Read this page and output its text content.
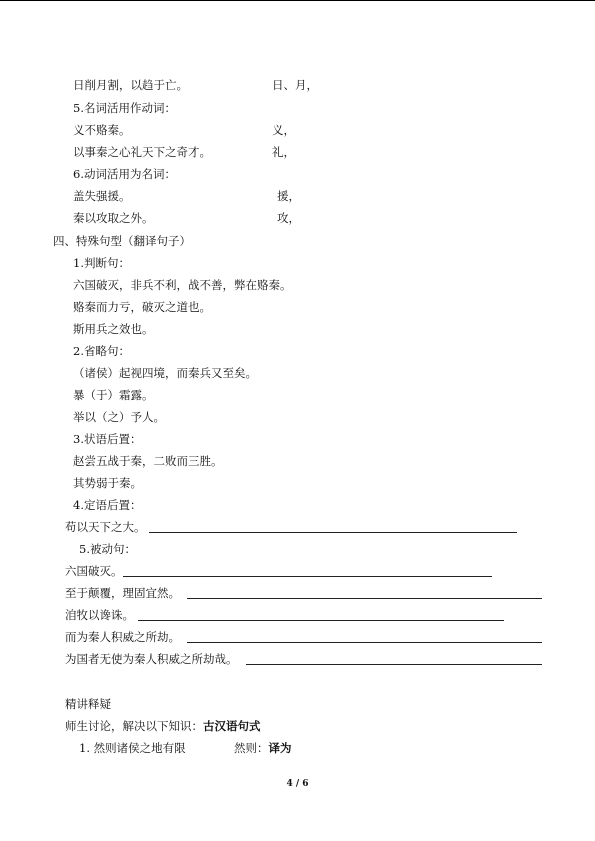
日削月割，以趋于亡。	日、月，
5.名词活用作动词：
义不赂秦。	义，
以事秦之心礼天下之奇才。	礼，
6.动词活用为名词：
盖失强援。	援，
秦以攻取之外。	攻，
四、特殊句型（翻译句子）
1.判断句：
六国破灭，非兵不利，战不善，弊在赂秦。
赂秦而力亏，破灭之道也。
斯用兵之效也。
2.省略句：
（诸侯）起视四境，而秦兵又至矣。
暴（于）霜露。
举以（之）予人。
3.状语后置：
赵尝五战于秦，二败而三胜。
其势弱于秦。
4.定语后置：
苟以天下之大。
5.被动句：
六国破灭。
至于颠覆，理固宜然。
洎牧以谗诛。
而为秦人积威之所劫。
为国者无使为秦人积威之所劫哉。
精讲释疑
师生讨论，解决以下知识：古汉语句式
1. 然则诸侯之地有限	然则：译为
4 / 6
